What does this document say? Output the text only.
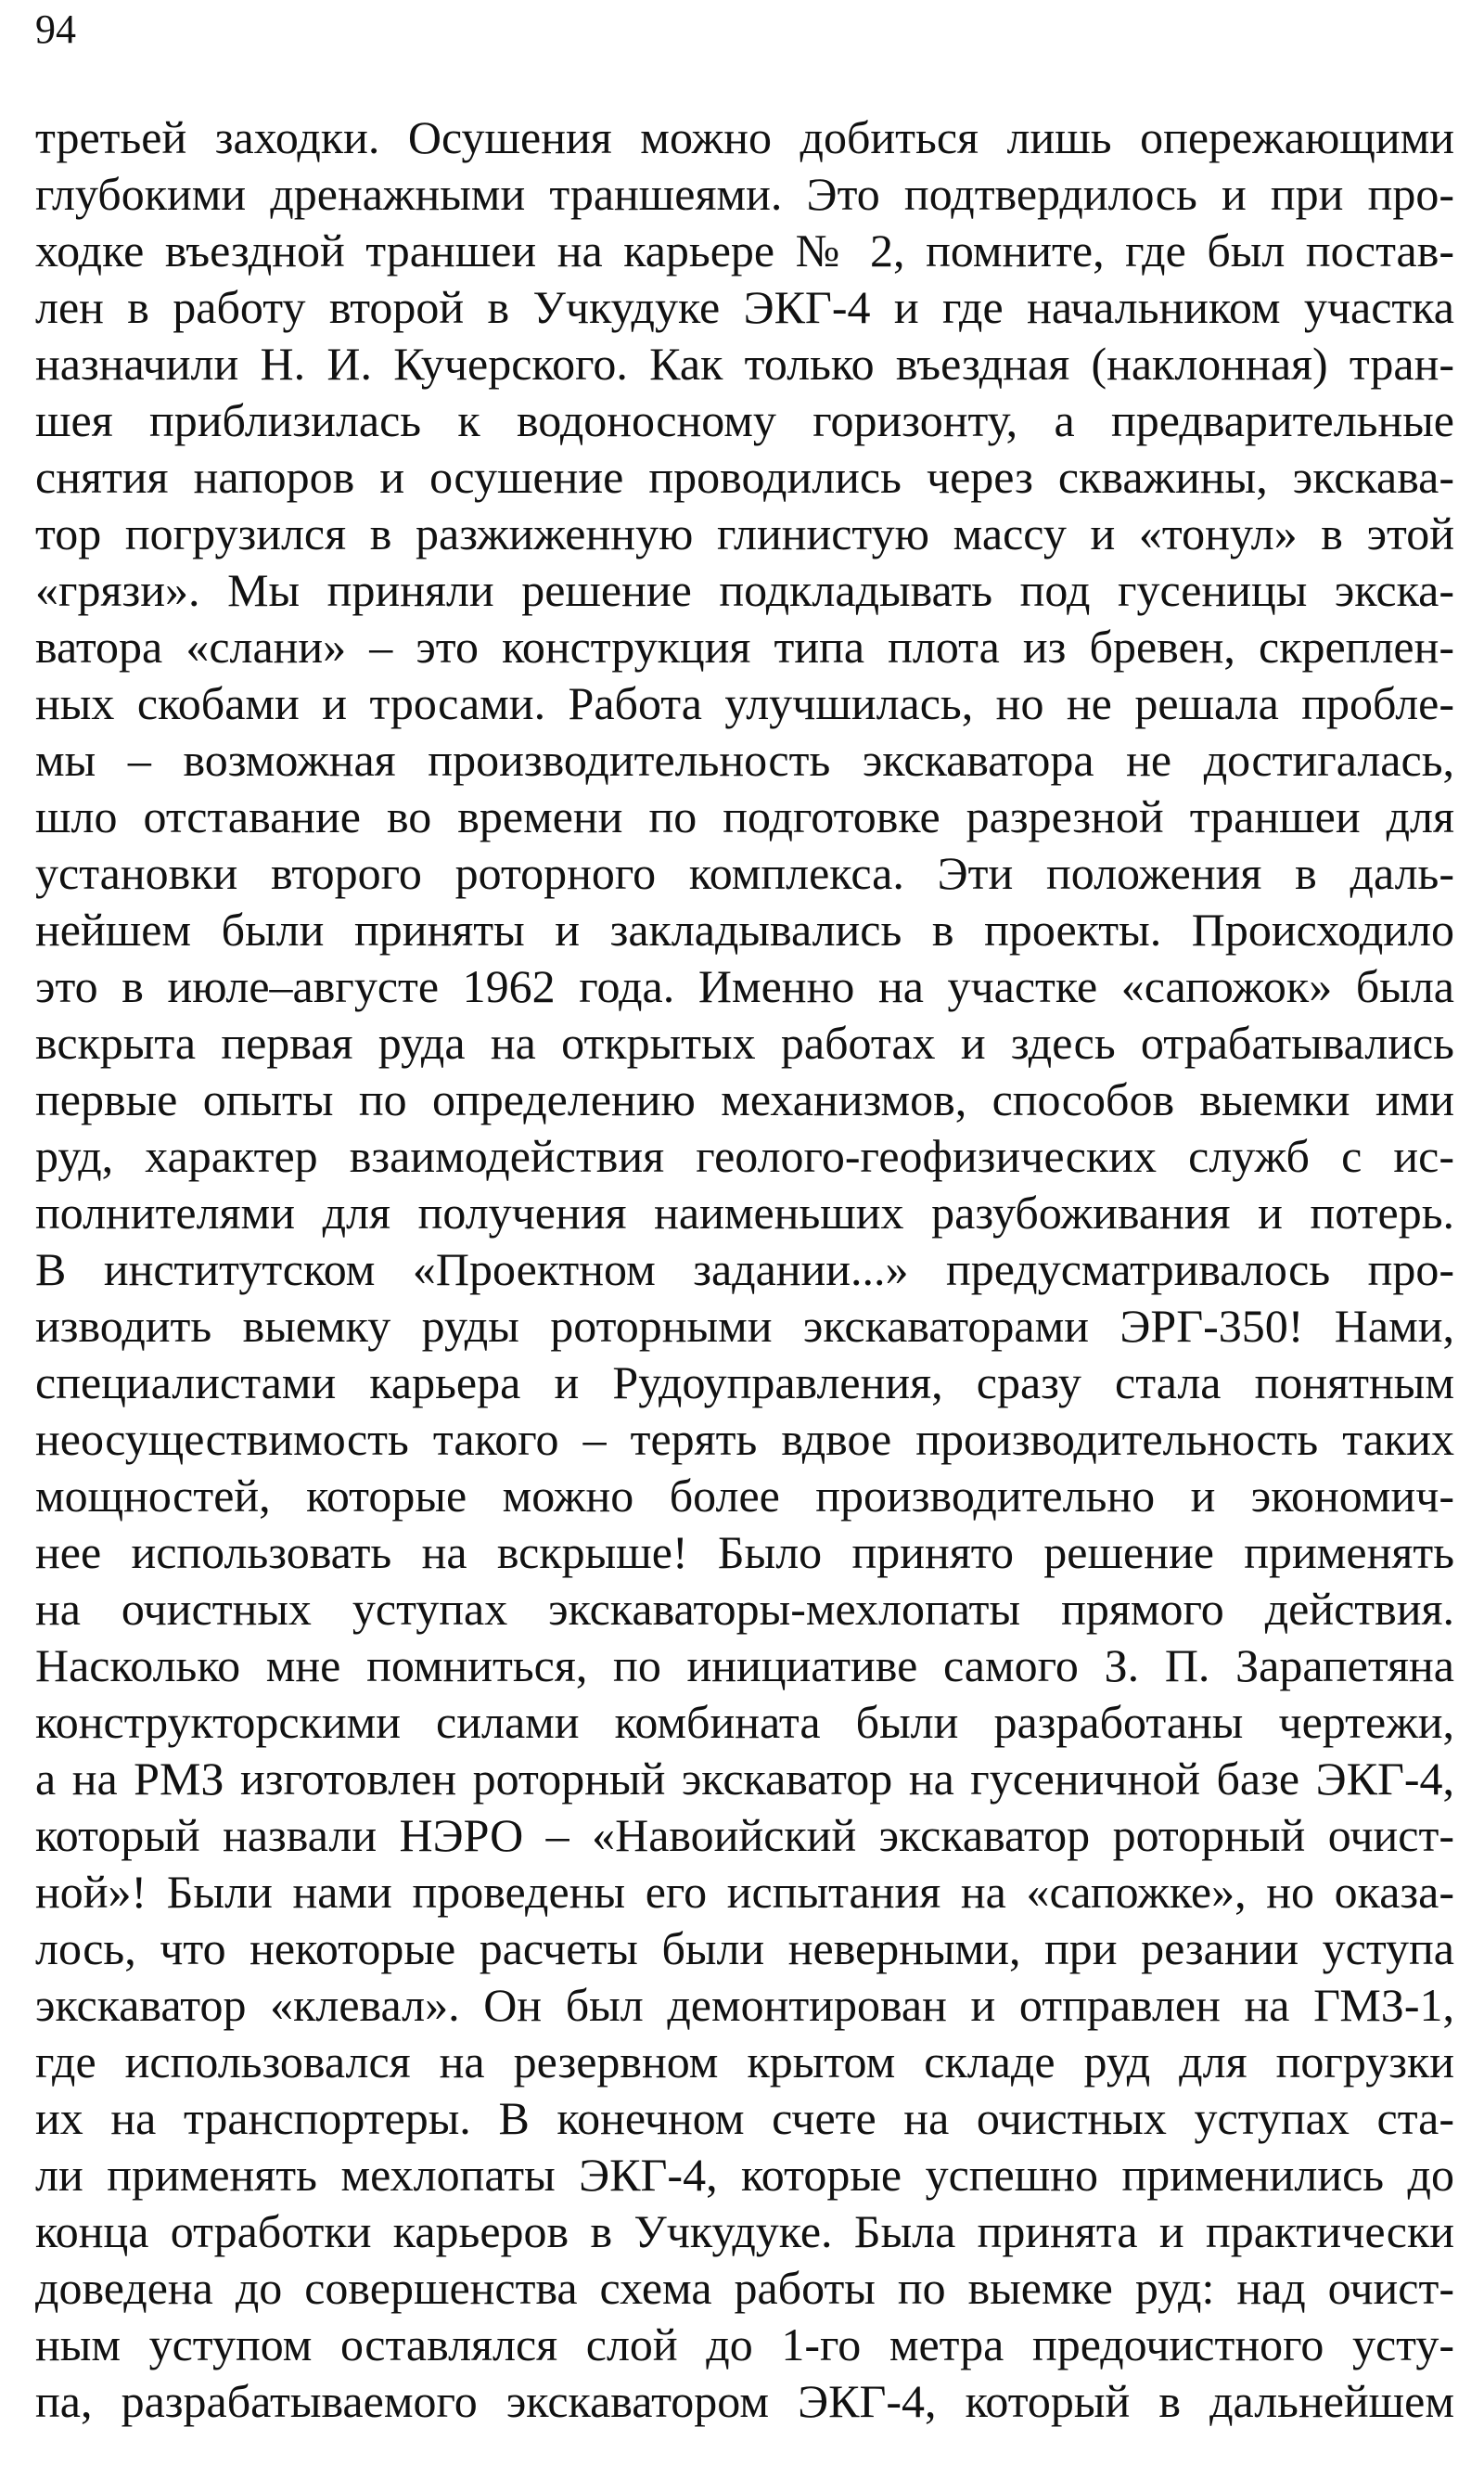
94
третьей заходки. Осушения можно добиться лишь опережающими
глубокими дренажными траншеями. Это подтвердилось и при про-
ходке въездной траншеи на карьере № 2, помните, где был постав-
лен в работу второй в Учкудуке ЭКГ-4 и где начальником участка
назначили Н. И. Кучерского. Как только въездная (наклонная) тран-
шея приблизилась к водоносному горизонту, а предварительные
снятия напоров и осушение проводились через скважины, экскава-
тор погрузился в разжиженную глинистую массу и «тонул» в этой
«грязи». Мы приняли решение подкладывать под гусеницы экска-
ватора «слани» – это конструкция типа плота из бревен, скреплен-
ных скобами и тросами. Работа улучшилась, но не решала пробле-
мы – возможная производительность экскаватора не достигалась,
шло отставание во времени по подготовке разрезной траншеи для
установки второго роторного комплекса. Эти положения в даль-
нейшем были приняты и закладывались в проекты. Происходило
это в июле–августе 1962 года. Именно на участке «сапожок» была
вскрыта первая руда на открытых работах и здесь отрабатывались
первые опыты по определению механизмов, способов выемки ими
руд, характер взаимодействия геолого-геофизических служб с ис-
полнителями для получения наименьших разубоживания и потерь.
В институтском «Проектном задании...» предусматривалось про-
изводить выемку руды роторными экскаваторами ЭРГ-350! Нами,
специалистами карьера и Рудоуправления, сразу стала понятным
неосуществимость такого – терять вдвое производительность таких
мощностей, которые можно более производительно и экономич-
нее использовать на вскрыше! Было принято решение применять
на очистных уступах экскаваторы-мехлопаты прямого действия.
Насколько мне помниться, по инициативе самого З. П. Зарапетяна
конструкторскими силами комбината были разработаны чертежи,
а на РМЗ изготовлен роторный экскаватор на гусеничной базе ЭКГ-4,
который назвали НЭРО – «Навоийский экскаватор роторный очист-
ной»! Были нами проведены его испытания на «сапожке», но оказа-
лось, что некоторые расчеты были неверными, при резании уступа
экскаватор «клевал». Он был демонтирован и отправлен на ГМЗ-1,
где использовался на резервном крытом складе руд для погрузки
их на транспортеры. В конечном счете на очистных уступах ста-
ли применять мехлопаты ЭКГ-4, которые успешно применились до
конца отработки карьеров в Учкудуке. Была принята и практически
доведена до совершенства схема работы по выемке руд: над очист-
ным уступом оставлялся слой до 1-го метра предочистного усту-
па, разрабатываемого экскаватором ЭКГ-4, который в дальнейшем
